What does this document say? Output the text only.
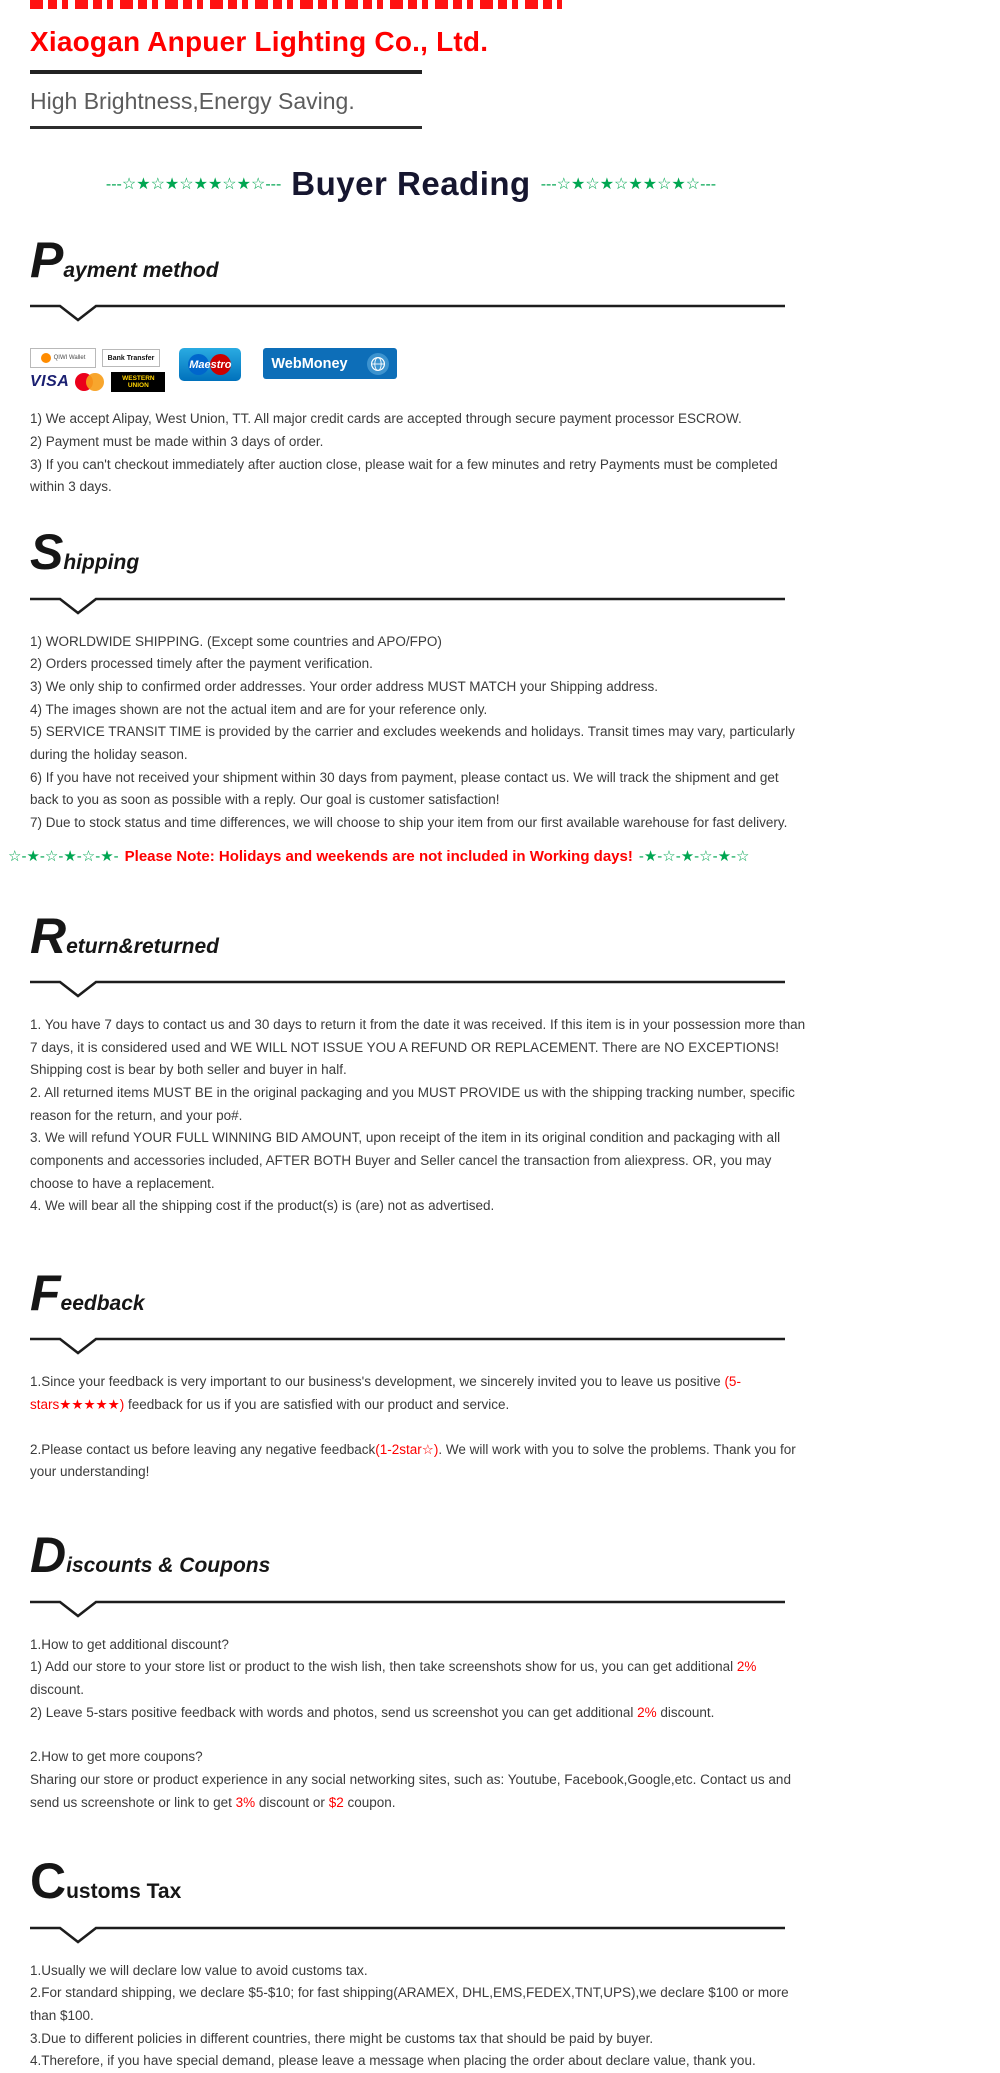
Xiaogan Anpuer Lighting Co., Ltd.
High Brightness,Energy Saving.
---☆★☆★☆★★☆★☆--- Buyer Reading ---☆★☆★☆★★☆★☆---
P ayment method
QIWI Wallet	Bank Transfer
VISA	WESTERN
UNION
Maestro	WebMoney

1) We accept Alipay, West Union, TT. All major credit cards are accepted through secure payment processor ESCROW.

2) Payment must be made within 3 days of order.

3) If you can't checkout immediately after auction close, please wait for a few minutes and retry Payments must be completed within 3 days.

S hipping

1) WORLDWIDE SHIPPING. (Except some countries and APO/FPO)

2) Orders processed timely after the payment verification.

3) We only ship to confirmed order addresses. Your order address MUST MATCH your Shipping address.

4) The images shown are not the actual item and are for your reference only.

5) SERVICE TRANSIT TIME is provided by the carrier and excludes weekends and holidays. Transit times may vary, particularly during the holiday season.

6) If you have not received your shipment within 30 days from payment, please contact us. We will track the shipment and get back to you as soon as possible with a reply. Our goal is customer satisfaction!

7) Due to stock status and time differences, we will choose to ship your item from our first available warehouse for fast delivery.

☆-★-☆-★-☆-★- Please Note: Holidays and weekends are not included in Working days! -★-☆-★-☆-★-☆
R eturn&returned

1. You have 7 days to contact us and 30 days to return it from the date it was received. If this item is in your possession more than 7 days, it is considered used and WE WILL NOT ISSUE YOU A REFUND OR REPLACEMENT. There are NO EXCEPTIONS! Shipping cost is bear by both seller and buyer in half.

2. All returned items MUST BE in the original packaging and you MUST PROVIDE us with the shipping tracking number, specific reason for the return, and your po#.

3. We will refund YOUR FULL WINNING BID AMOUNT, upon receipt of the item in its original condition and packaging with all components and accessories included, AFTER BOTH Buyer and Seller cancel the transaction from aliexpress. OR, you may choose to have a replacement.

4. We will bear all the shipping cost if the product(s) is (are) not as advertised.

F eedback

1.Since your feedback is very important to our business's development, we sincerely invited you to leave us positive (5-stars★★★★★) feedback for us if you are satisfied with our product and service.

2.Please contact us before leaving any negative feedback(1-2star☆). We will work with you to solve the problems. Thank you for your understanding!

D iscounts & Coupons

1.How to get additional discount?

1) Add our store to your store list or product to the wish lish, then take screenshots show for us, you can get additional 2% discount.

2) Leave 5-stars positive feedback with words and photos, send us screenshot you can get additional 2% discount.

2.How to get more coupons?

Sharing our store or product experience in any social networking sites, such as: Youtube, Facebook,Google,etc. Contact us and send us screenshote or link to get 3% discount or $2 coupon.

C ustoms Tax

1.Usually we will declare low value to avoid customs tax.

2.For standard shipping, we declare $5-$10; for fast shipping(ARAMEX, DHL,EMS,FEDEX,TNT,UPS),we declare $100 or more than $100.

3.Due to different policies in different countries, there might be customs tax that should be paid by buyer.

4.Therefore, if you have special demand, please leave a message when placing the order about declare value, thank you.
